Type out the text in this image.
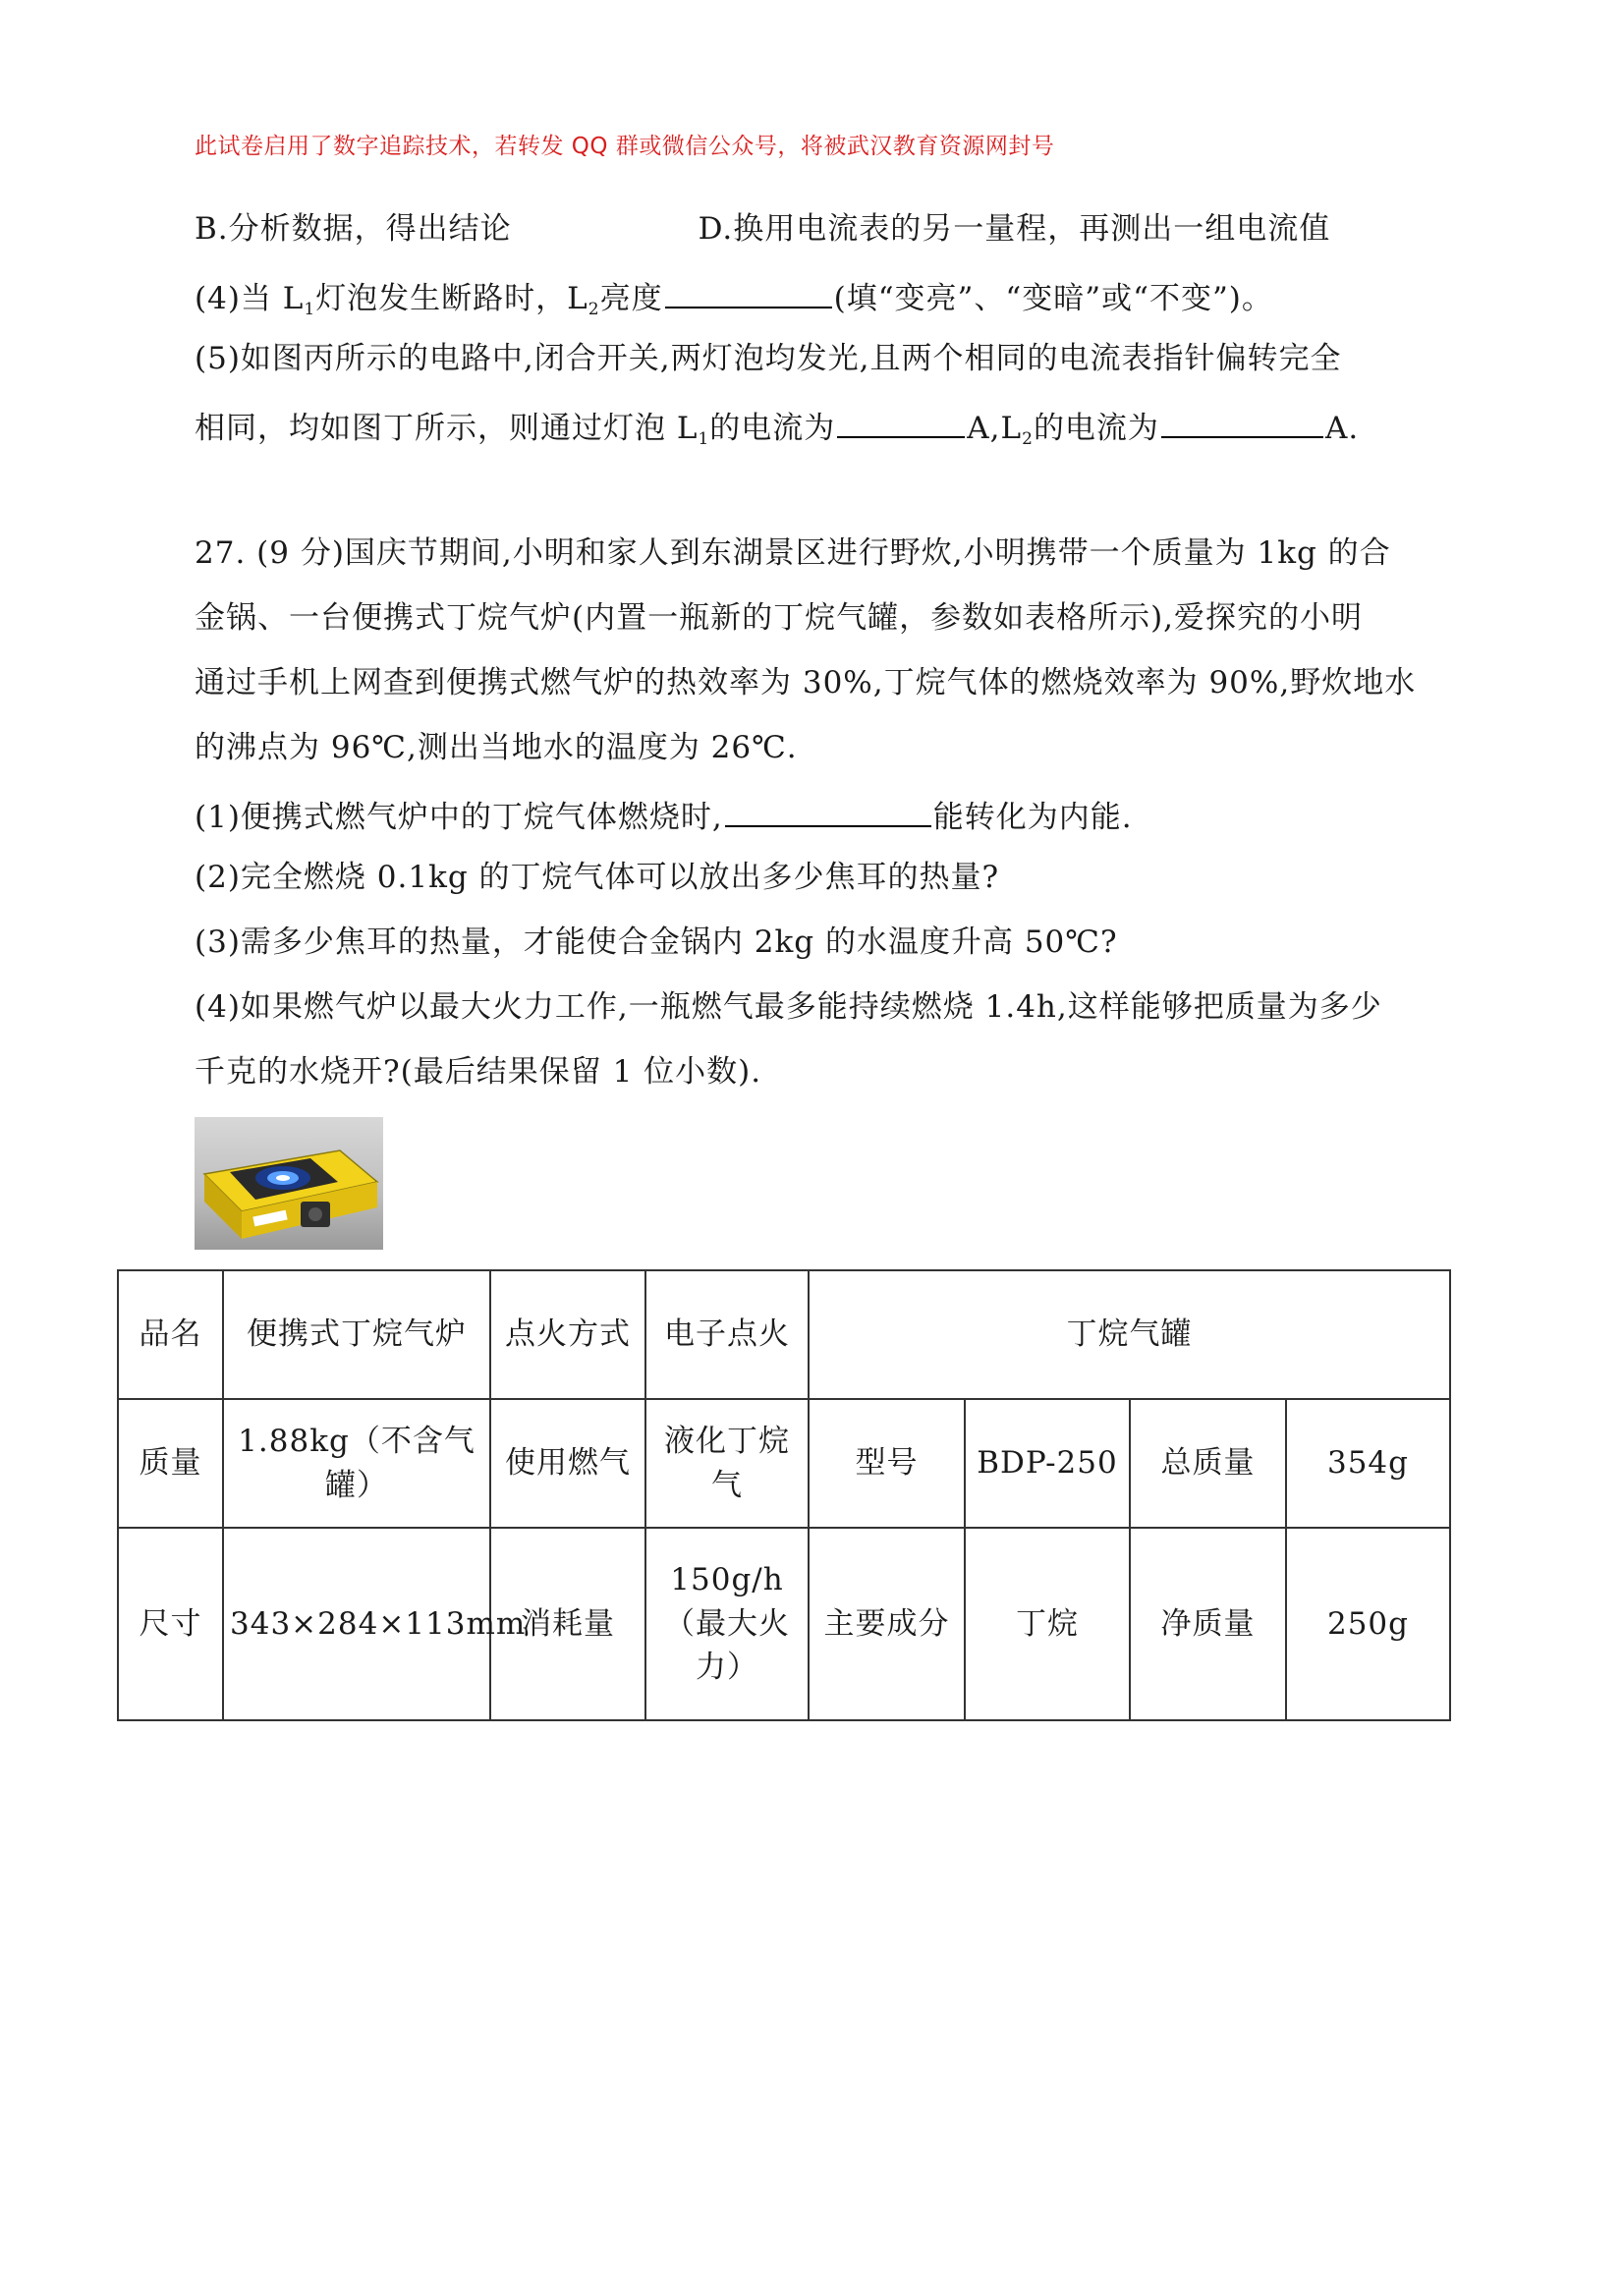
此试卷启用了数字追踪技术，若转发 QQ 群或微信公众号，将被武汉教育资源网封号
B.分析数据，得出结论	D.换用电流表的另一量程，再测出一组电流值
(4)当 $L_1$灯泡发生断路时，$L_2$亮度	(填“变亮”、“变暗”或“不变”)。
(5)如图丙所示的电路中,闭合开关,两灯泡均发光,且两个相同的电流表指针偏转完全
相同，均如图丁所示，则通过灯泡 $L_1$的电流为	$A,L_2$的电流为	A.
27. (9 分)国庆节期间,小明和家人到东湖景区进行野炊,小明携带一个质量为 1kg 的合
金锅、一台便携式丁烷气炉(内置一瓶新的丁烷气罐，参数如表格所示),爱探究的小明
通过手机上网查到便携式燃气炉的热效率为 30%,丁烷气体的燃烧效率为 90%,野炊地水
的沸点为 96℃,测出当地水的温度为 26℃.
(1)便携式燃气炉中的丁烷气体燃烧时,	能转化为内能.
(2)完全燃烧 0.1kg 的丁烷气体可以放出多少焦耳的热量?
(3)需多少焦耳的热量，才能使合金锅内 2kg 的水温度升高 50℃?
(4)如果燃气炉以最大火力工作,一瓶燃气最多能持续燃烧 1.4h,这样能够把质量为多少
千克的水烧开?(最后结果保留 1 位小数).
品名	便携式丁烷气炉	点火方式	电子点火	丁烷气罐			
质量	1.88kg（不含气罐）	使用燃气	液化丁烷气	型号	BDP-250	总质量	354g
尺寸	343×284×113mm	消耗量	150g/h（最大火力）	主要成分	丁烷	净质量	250g
